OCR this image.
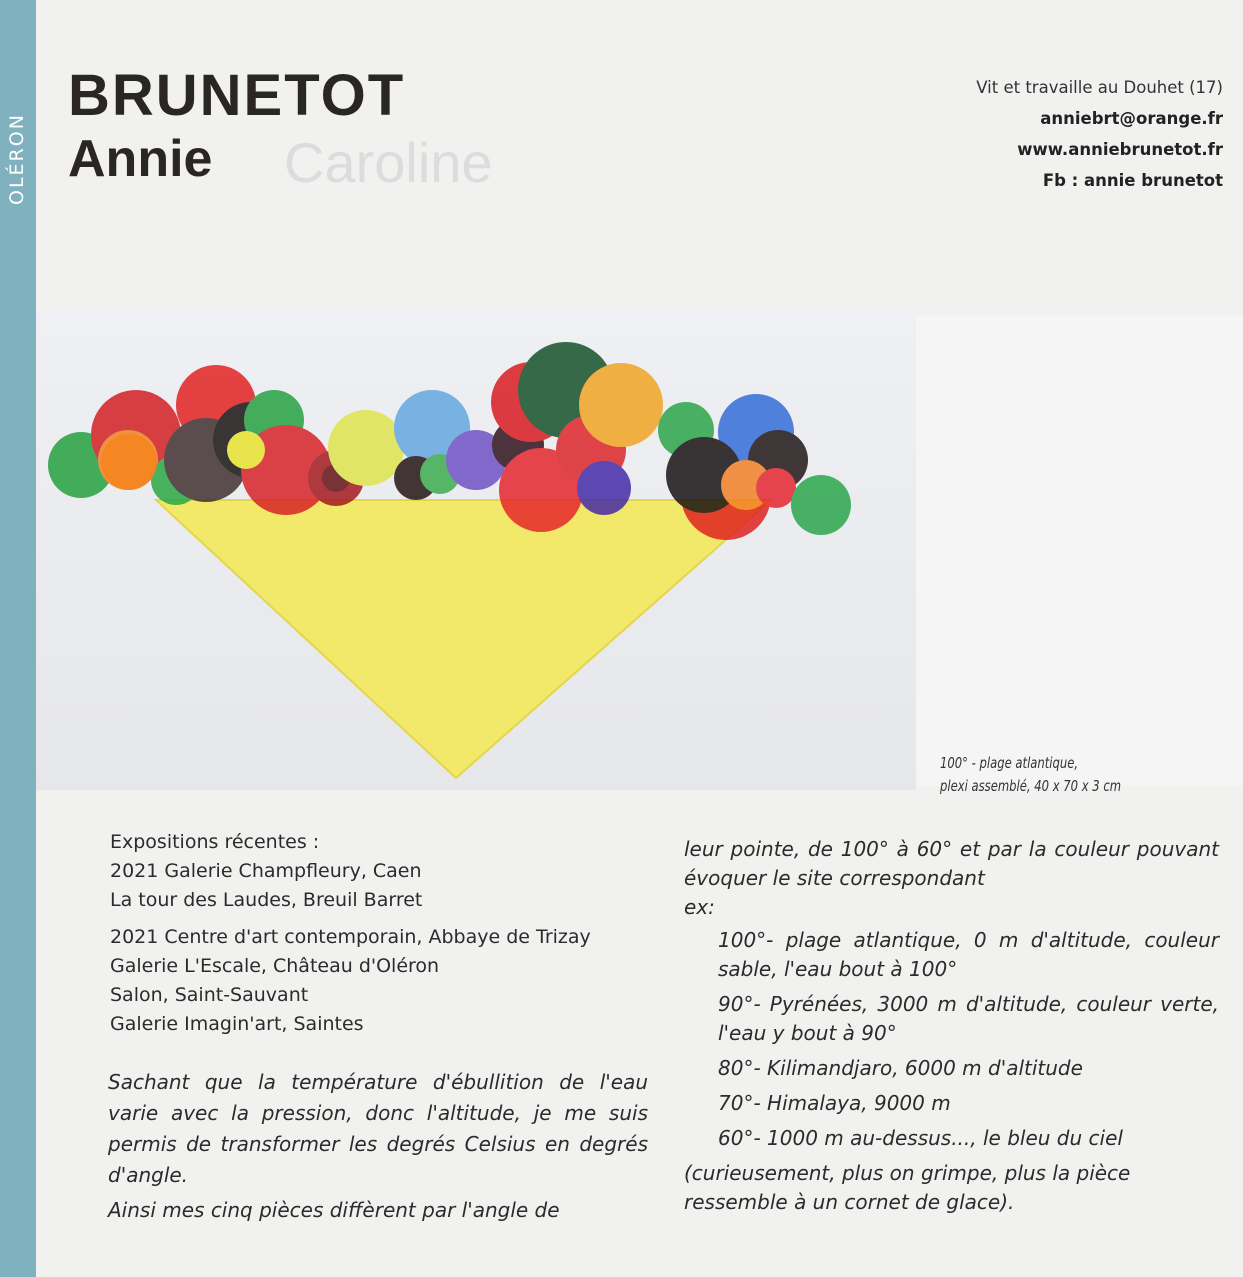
OLÉRON	Caroline
BRUNETOT
Annie
Vit et travaille au Douhet (17)
anniebrt@orange.fr
www.anniebrunetot.fr
Fb : annie brunetot
100° - plage atlantique,
plexi assemblé, 40 x 70 x 3 cm
Expositions récentes :
2021 Galerie Champfleury, Caen
La tour des Laudes, Breuil Barret
2021 Centre d'art contemporain, Abbaye de Trizay
Galerie L'Escale, Château d'Oléron
Salon, Saint-Sauvant
Galerie Imagin'art, Saintes

Sachant que la température d'ébullition de l'eau varie avec la pression, donc l'altitude, je me suis permis de transformer les degrés Celsius en degrés d'angle.

Ainsi mes cinq pièces diffèrent par l'angle de

leur pointe, de 100° à 60° et par la couleur pouvant évoquer le site correspondant
ex:
100°- plage atlantique, 0 m d'altitude, couleur sable, l'eau bout à 100°
90°- Pyrénées, 3000 m d'altitude, couleur verte, l'eau y bout à 90°
80°- Kilimandjaro, 6000 m d'altitude
70°- Himalaya, 9000 m
60°- 1000 m au-dessus..., le bleu du ciel
(curieusement, plus on grimpe, plus la pièce ressemble à un cornet de glace).
